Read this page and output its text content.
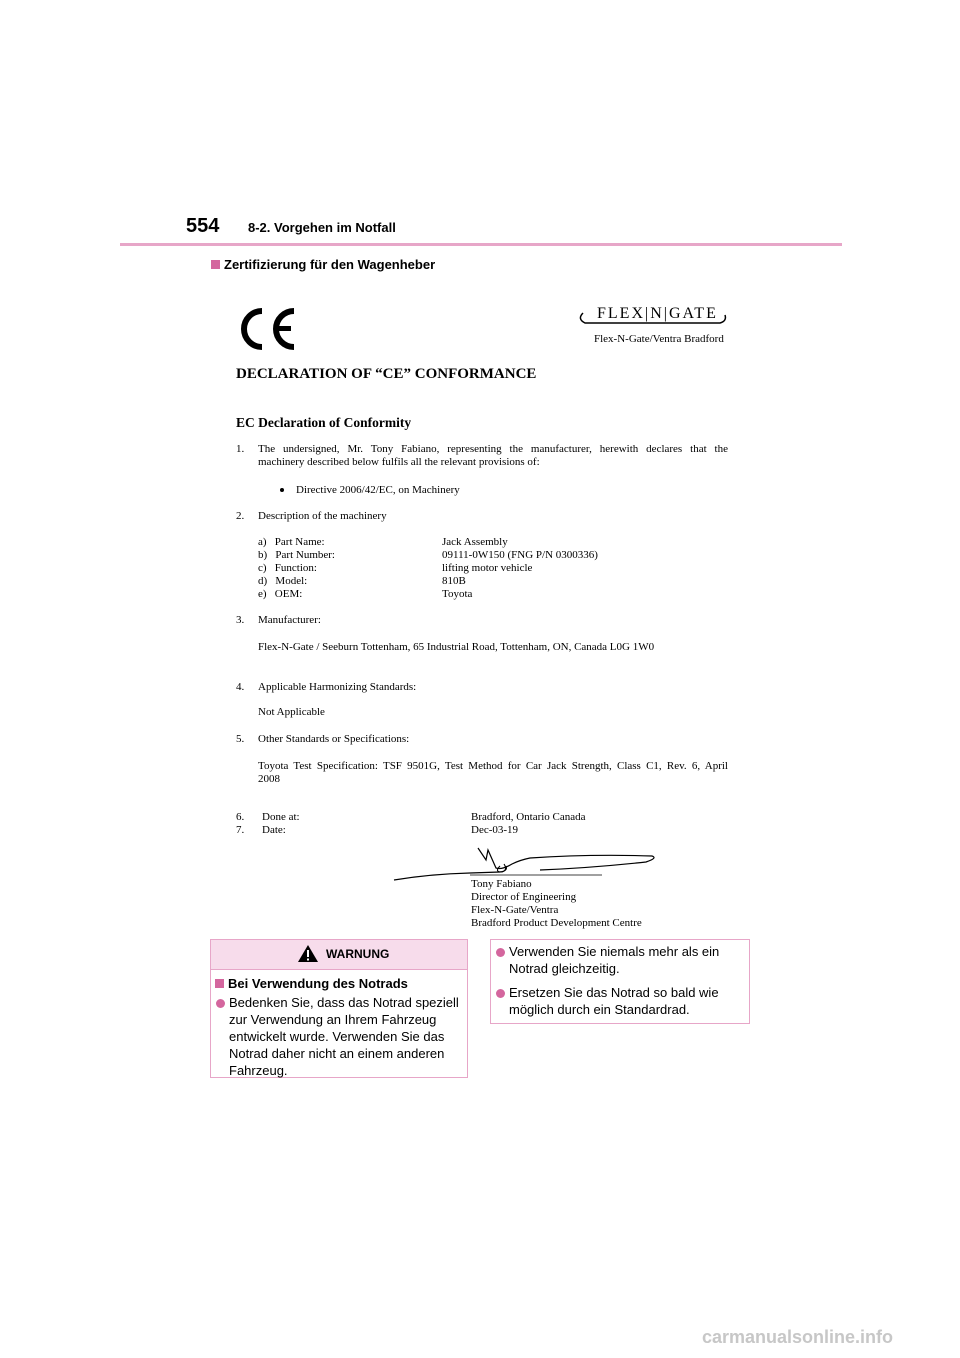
554 8-2. Vorgehen im Notfall
Zertifizierung für den Wagenheber
FLEX|N|GATE
Flex-N-Gate/Ventra Bradford
DECLARATION OF “CE” CONFORMANCE
EC Declaration of Conformity
1. The undersigned, Mr. Tony Fabiano, representing the manufacturer, herewith declares that the
machinery described below fulfils all the relevant provisions of:
Directive 2006/42/EC, on Machinery
2. Description of the machinery
a)   Part Name:	Jack Assembly
b)   Part Number:	09111-0W150 (FNG P/N 0300336)
c)   Function:	lifting motor vehicle
d)   Model:	810B
e)   OEM:	Toyota
3. Manufacturer:
Flex-N-Gate / Seeburn Tottenham, 65 Industrial Road, Tottenham, ON, Canada L0G 1W0
4. Applicable Harmonizing Standards:
Not Applicable
5. Other Standards or Specifications:
Toyota Test Specification: TSF 9501G, Test Method for Car Jack Strength, Class C1, Rev. 6, April
2008
6. Done at:	Bradford, Ontario Canada
7. Date:	Dec-03-19
Tony Fabiano
Director of Engineering
Flex-N-Gate/Ventra
Bradford Product Development Centre
WARNUNG
Bei Verwendung des Notrads
Bedenken Sie, dass das Notrad speziell
zur Verwendung an Ihrem Fahrzeug
entwickelt wurde. Verwenden Sie das
Notrad daher nicht an einem anderen
Fahrzeug.
Verwenden Sie niemals mehr als ein
Notrad gleichzeitig.
Ersetzen Sie das Notrad so bald wie
möglich durch ein Standardrad.
carmanualsonline.info
